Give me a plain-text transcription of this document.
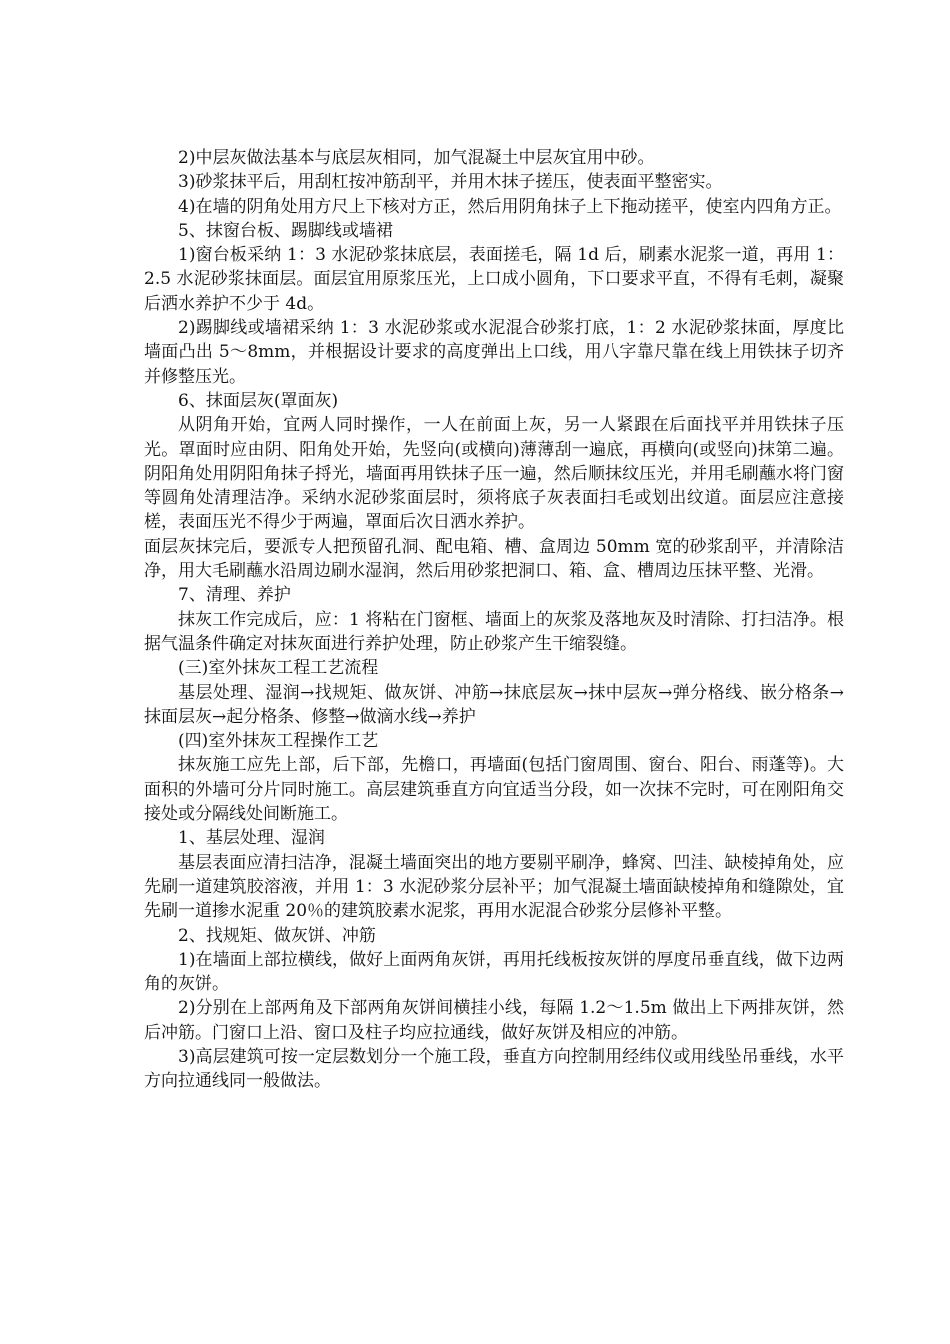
2)中层灰做法基本与底层灰相同，加气混凝土中层灰宜用中砂。

3)砂浆抹平后，用刮杠按冲筋刮平，并用木抹子搓压，使表面平整密实。

4)在墙的阴角处用方尺上下核对方正，然后用阴角抹子上下拖动搓平，使室内四角方正。

5、抹窗台板、踢脚线或墙裙

1)窗台板采纳 1：3 水泥砂浆抹底层，表面搓毛，隔 1d 后，刷素水泥浆一道，再用 1：2.5 水泥砂浆抹面层。面层宜用原浆压光，上口成小圆角，下口要求平直，不得有毛刺，凝聚后洒水养护不少于 4d。

2)踢脚线或墙裙采纳 1：3 水泥砂浆或水泥混合砂浆打底，1：2 水泥砂浆抹面，厚度比墙面凸出 5～8mm，并根据设计要求的高度弹出上口线，用八字靠尺靠在线上用铁抹子切齐并修整压光。

6、抹面层灰(罩面灰)

从阴角开始，宜两人同时操作，一人在前面上灰，另一人紧跟在后面找平并用铁抹子压光。罩面时应由阴、阳角处开始，先竖向(或横向)薄薄刮一遍底，再横向(或竖向)抹第二遍。阴阳角处用阴阳角抹子捋光，墙面再用铁抹子压一遍，然后顺抹纹压光，并用毛刷蘸水将门窗等圆角处清理洁净。采纳水泥砂浆面层时，须将底子灰表面扫毛或划出纹道。面层应注意接槎，表面压光不得少于两遍，罩面后次日洒水养护。

面层灰抹完后，要派专人把预留孔洞、配电箱、槽、盒周边 50mm 宽的砂浆刮平，并清除洁净，用大毛刷蘸水沿周边刷水湿润，然后用砂浆把洞口、箱、盒、槽周边压抹平整、光滑。

7、清理、养护

抹灰工作完成后，应：1 将粘在门窗框、墙面上的灰浆及落地灰及时清除、打扫洁净。根据气温条件确定对抹灰面进行养护处理，防止砂浆产生干缩裂缝。

(三)室外抹灰工程工艺流程

基层处理、湿润→找规矩、做灰饼、冲筋→抹底层灰→抹中层灰→弹分格线、嵌分格条→抹面层灰→起分格条、修整→做滴水线→养护

(四)室外抹灰工程操作工艺

抹灰施工应先上部，后下部，先檐口，再墙面(包括门窗周围、窗台、阳台、雨蓬等)。大面积的外墙可分片同时施工。高层建筑垂直方向宜适当分段，如一次抹不完时，可在刚阳角交接处或分隔线处间断施工。

1、基层处理、湿润

基层表面应清扫洁净，混凝土墙面突出的地方要剔平刷净，蜂窝、凹洼、缺棱掉角处，应先刷一道建筑胶溶液，并用 1：3 水泥砂浆分层补平；加气混凝土墙面缺棱掉角和缝隙处，宜先刷一道掺水泥重 20％的建筑胶素水泥浆，再用水泥混合砂浆分层修补平整。

2、找规矩、做灰饼、冲筋

1)在墙面上部拉横线，做好上面两角灰饼，再用托线板按灰饼的厚度吊垂直线，做下边两角的灰饼。

2)分别在上部两角及下部两角灰饼间横挂小线，每隔 1.2～1.5m 做出上下两排灰饼，然后冲筋。门窗口上沿、窗口及柱子均应拉通线，做好灰饼及相应的冲筋。

3)高层建筑可按一定层数划分一个施工段，垂直方向控制用经纬仪或用线坠吊垂线，水平方向拉通线同一般做法。
